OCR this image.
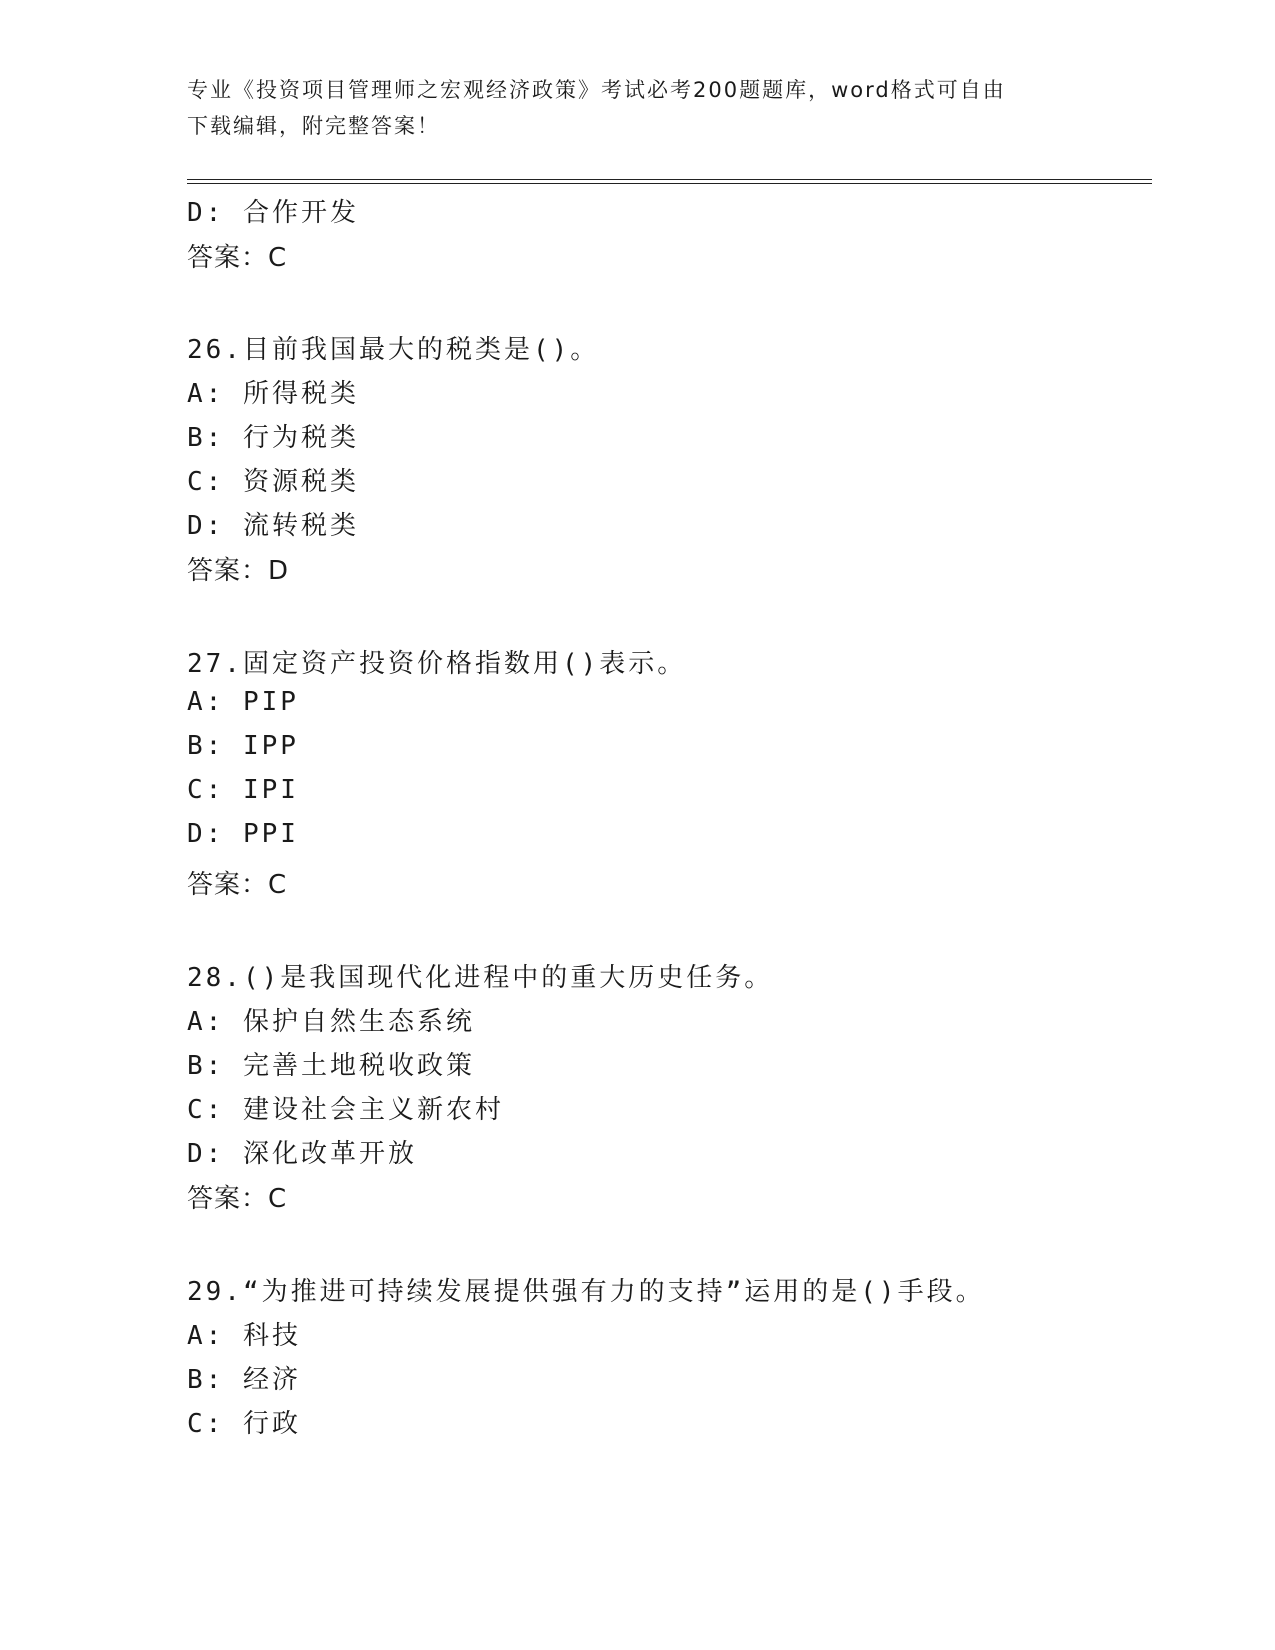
专业《投资项目管理师之宏观经济政策》考试必考200题题库，word格式可自由
下载编辑，附完整答案！
D: 合作开发
答案：C
26.目前我国最大的税类是()。
A: 所得税类
B: 行为税类
C: 资源税类
D: 流转税类
答案：D
27.固定资产投资价格指数用()表示。
A: PIP
B: IPP
C: IPI
D: PPI
答案：C
28.()是我国现代化进程中的重大历史任务。
A: 保护自然生态系统
B: 完善土地税收政策
C: 建设社会主义新农村
D: 深化改革开放
答案：C
29.“为推进可持续发展提供强有力的支持”运用的是()手段。
A: 科技
B: 经济
C: 行政
